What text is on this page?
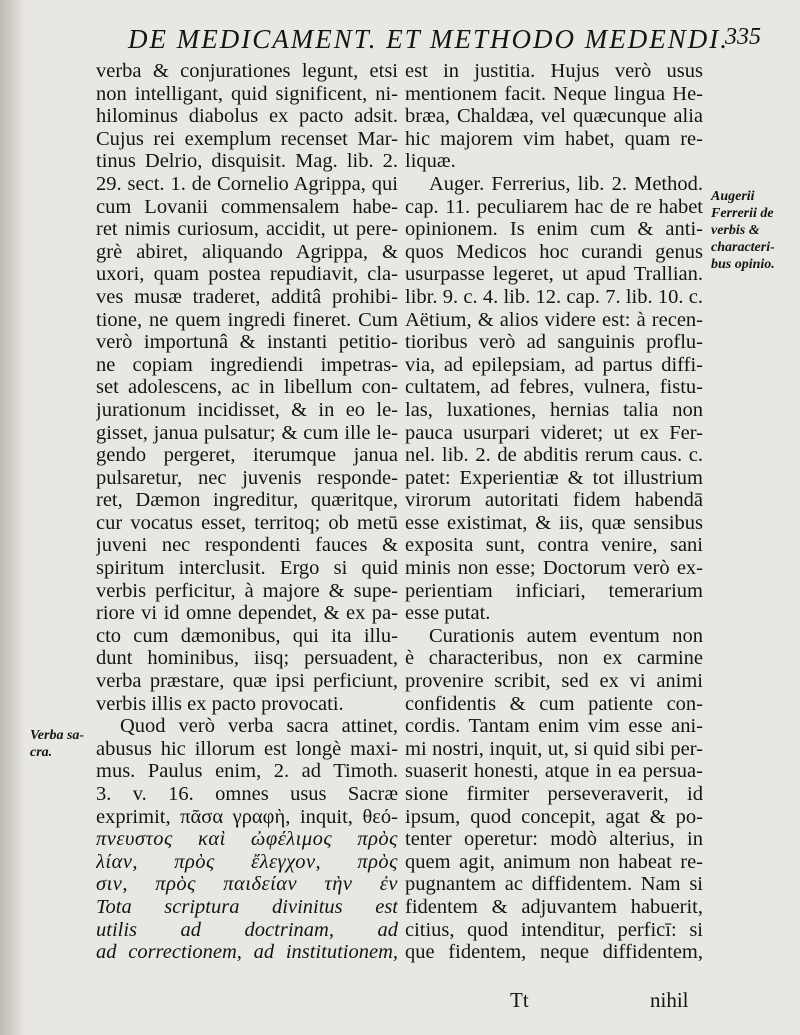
DE MEDICAMENT. ET METHODO MEDENDI.
335
verba & conjurationes legunt, etsi
non intelligant, quid significent, ni-
hilominus diabolus ex pacto adsit.
Cujus rei exemplum recenset Mar-
tinus Delrio, disquisit. Mag. lib. 2.
29. sect. 1. de Cornelio Agrippa, qui
cum Lovanii commensalem habe-
ret nimis curiosum, accidit, ut pere-
grè abiret, aliquando Agrippa, &
uxori, quam postea repudiavit, cla-
ves musæ traderet, additâ prohibi-
tione, ne quem ingredi fineret. Cum
verò importunâ & instanti petitio-
ne copiam ingrediendi impetras-
set adolescens, ac in libellum con-
jurationum incidisset, & in eo le-
gisset, janua pulsatur; & cum ille le-
gendo pergeret, iterumque janua
pulsaretur, nec juvenis responde-
ret, Dæmon ingreditur, quæritque,
cur vocatus esset, territoq; ob metū
juveni nec respondenti fauces &
spiritum interclusit. Ergo si quid
verbis perficitur, à majore & supe-
riore vi id omne dependet, & ex pa-
cto cum dæmonibus, qui ita illu-
dunt hominibus, iisq; persuadent,
verba præstare, quæ ipsi perficiunt,
verbis illis ex pacto provocati.
Quod verò verba sacra attinet,
abusus hic illorum est longè maxi-
mus. Paulus enim, 2. ad Timoth.
3. v. 16. omnes usus Sacræ
exprimit, πᾶσα γραφὴ, inquit, θεό-
πνευστος καὶ ὠφέλιμος πρὸς
λίαν, πρὸς ἔλεγχον, πρὸς
σιν, πρὸς παιδείαν τὴν ἐν
Tota scriptura divinitus est
utilis ad doctrinam, ad
ad correctionem, ad institutionem,
est in justitia. Hujus verò usus
mentionem facit. Neque lingua He-
bræa, Chaldæa, vel quæcunque alia
hic majorem vim habet, quam re-
liquæ.
Auger. Ferrerius, lib. 2. Method.
cap. 11. peculiarem hac de re habet
opinionem. Is enim cum & anti-
quos Medicos hoc curandi genus
usurpasse legeret, ut apud Trallian.
libr. 9. c. 4. lib. 12. cap. 7. lib. 10. c.
Aëtium, & alios videre est: à recen-
tioribus verò ad sanguinis proflu-
via, ad epilepsiam, ad partus diffi-
cultatem, ad febres, vulnera, fistu-
las, luxationes, hernias talia non
pauca usurpari videret; ut ex Fer-
nel. lib. 2. de abditis rerum caus. c.
patet: Experientiæ & tot illustrium
virorum autoritati fidem habendā
esse existimat, & iis, quæ sensibus
exposita sunt, contra venire, sani
minis non esse; Doctorum verò ex-
perientiam inficiari, temerarium
esse putat.
Curationis autem eventum non
è characteribus, non ex carmine
provenire scribit, sed ex vi animi
confidentis & cum patiente con-
cordis. Tantam enim vim esse ani-
mi nostri, inquit, ut, si quid sibi per-
suaserit honesti, atque in ea persua-
sione firmiter perseveraverit, id
ipsum, quod concepit, agat & po-
tenter operetur: modò alterius, in
quem agit, animum non habeat re-
pugnantem ac diffidentem. Nam si
fidentem & adjuvantem habuerit,
citius, quod intenditur, perficī: si
que fidentem, neque diffidentem,
Augerii
Ferrerii de
verbis &
characteri-
bus opinio.
Verba sa-
cra.
Tt	nihil
